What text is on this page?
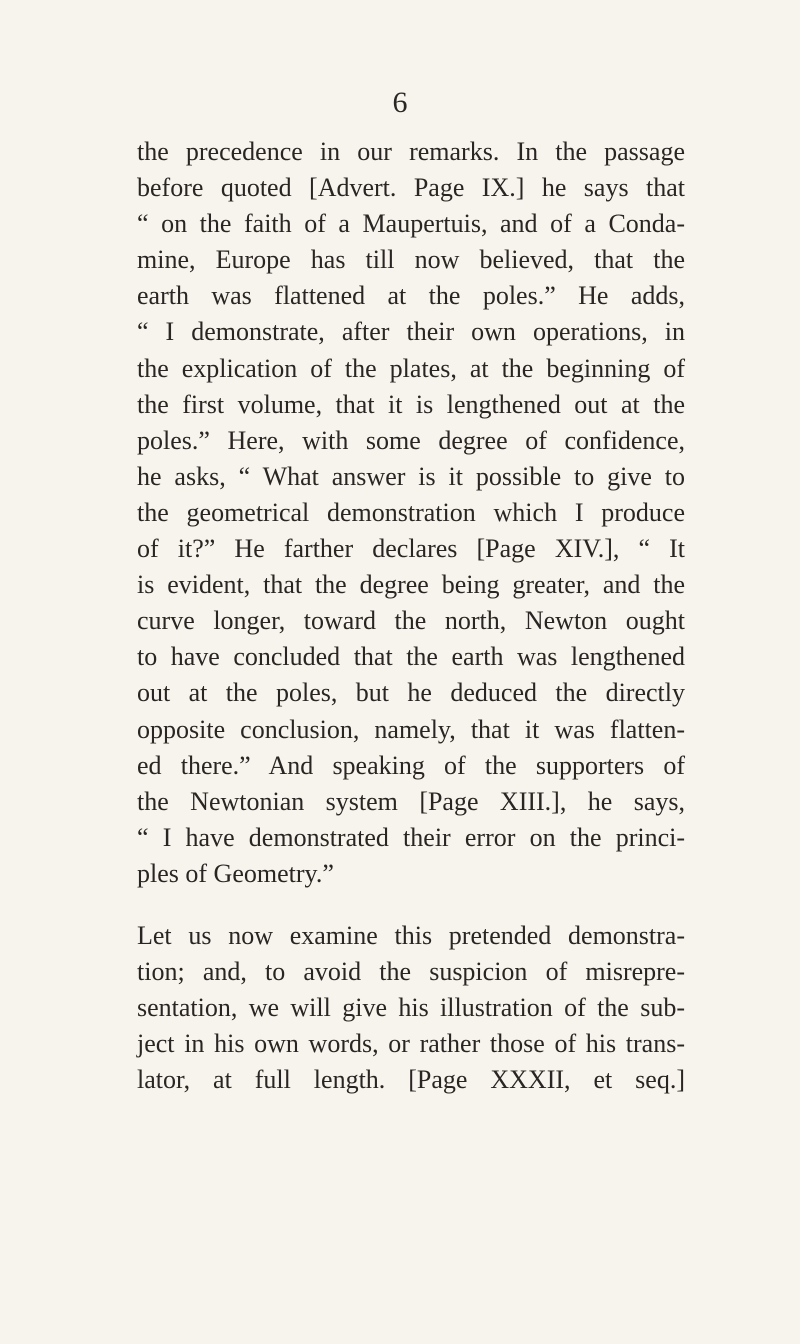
6
the precedence in our remarks. In the passage
before quoted [Advert. Page IX.] he says that
“ on the faith of a Maupertuis, and of a Conda-
mine, Europe has till now believed, that the
earth was flattened at the poles.” He adds,
“ I demonstrate, after their own operations, in
the explication of the plates, at the beginning of
the first volume, that it is lengthened out at the
poles.” Here, with some degree of confidence,
he asks, “ What answer is it possible to give to
the geometrical demonstration which I produce
of it?” He farther declares [Page XIV.], “ It
is evident, that the degree being greater, and the
curve longer, toward the north, Newton ought
to have concluded that the earth was lengthened
out at the poles, but he deduced the directly
opposite conclusion, namely, that it was flatten-
ed there.” And speaking of the supporters of
the Newtonian system [Page XIII.], he says,
“ I have demonstrated their error on the princi-
ples of Geometry.”
Let us now examine this pretended demonstra-
tion; and, to avoid the suspicion of misrepre-
sentation, we will give his illustration of the sub-
ject in his own words, or rather those of his trans-
lator, at full length. [Page XXXII, et seq.]
